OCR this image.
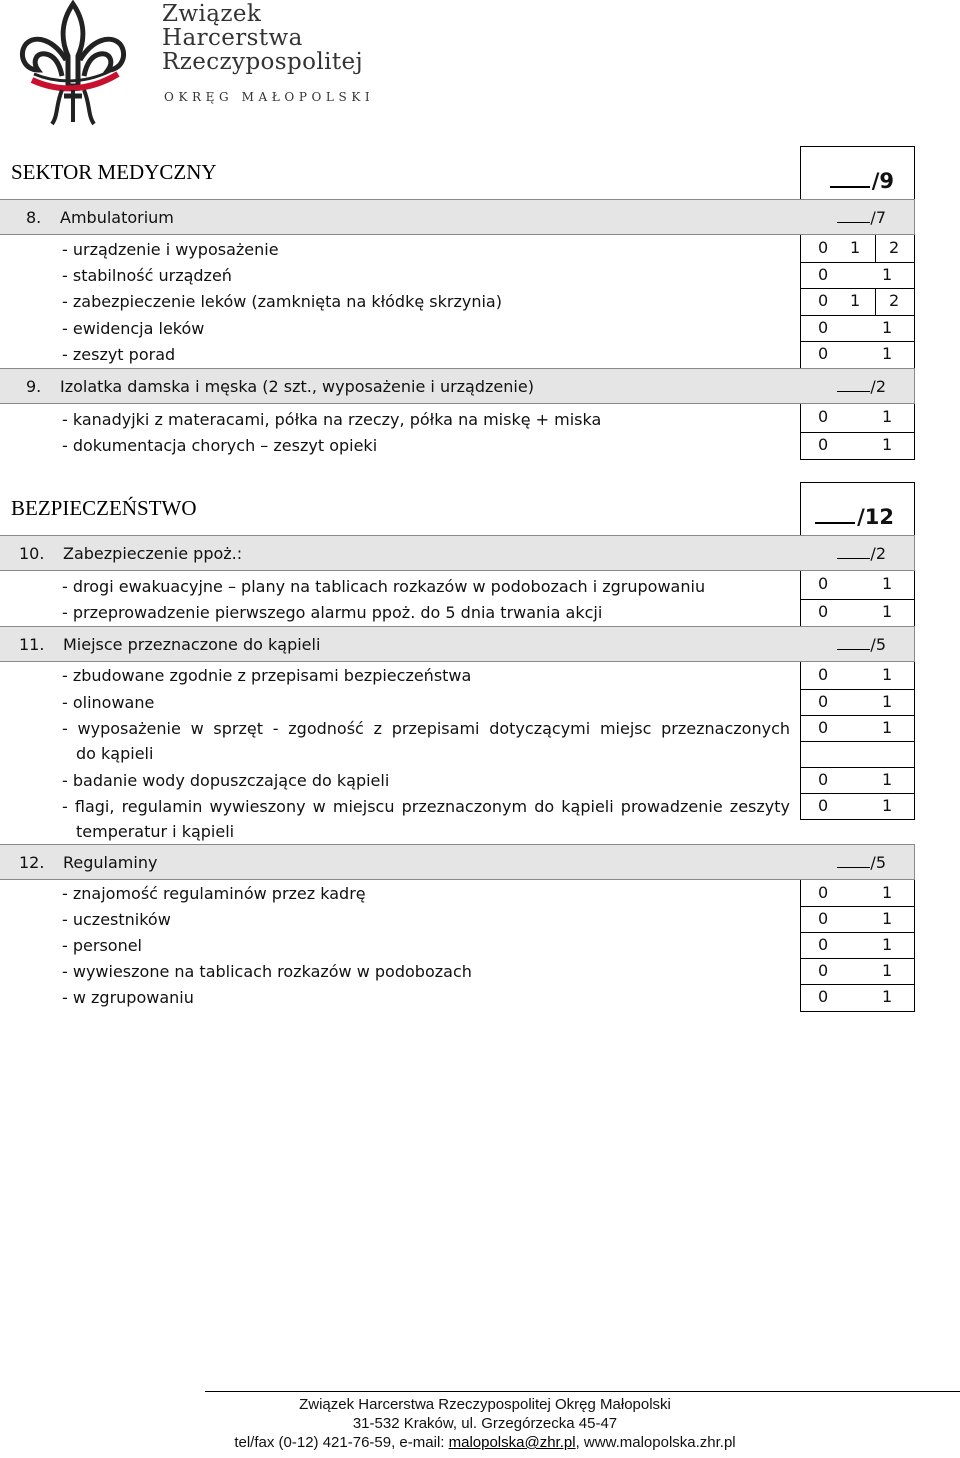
Związek
Harcerstwa
Rzeczypospolitej
OKRĘG MAŁOPOLSKI
SEKTOR MEDYCZNY	/9
8. Ambulatorium	/7
- urządzenie i wyposażenie	0 1 2
- stabilność urządzeń	0	1
- zabezpieczenie leków (zamknięta na kłódkę skrzynia)	0 1 2
- ewidencja leków	0	1
- zeszyt porad	0	1
9. Izolatka damska i męska (2 szt., wyposażenie i urządzenie)	/2
- kanadyjki z materacami, półka na rzeczy, półka na miskę + miska	0	1
- dokumentacja chorych – zeszyt opieki	0	1
BEZPIECZEŃSTWO	/12
10. Zabezpieczenie ppoż.:	/2
- drogi ewakuacyjne – plany na tablicach rozkazów w podobozach i zgrupowaniu	0	1
- przeprowadzenie pierwszego alarmu ppoż. do 5 dnia trwania akcji	0	1
11. Miejsce przeznaczone do kąpieli	/5
- zbudowane zgodnie z przepisami bezpieczeństwa	0	1
- olinowane	0	1
- wyposażenie w sprzęt - zgodność z przepisami dotyczącymi miejsc przeznaczonych
do kąpieli
0	1
- badanie wody dopuszczające do kąpieli	0	1
- flagi, regulamin wywieszony w miejscu przeznaczonym do kąpieli prowadzenie zeszyty
temperatur i kąpieli
0	1
12. Regulaminy	/5
- znajomość regulaminów przez kadrę	0	1
- uczestników	0	1
- personel	0	1
- wywieszone na tablicach rozkazów w podobozach	0	1
- w zgrupowaniu	0	1
Związek Harcerstwa Rzeczypospolitej Okręg Małopolski
31-532 Kraków, ul. Grzegórzecka 45-47
tel/fax (0-12) 421-76-59, e-mail: malopolska@zhr.pl, www.malopolska.zhr.pl
